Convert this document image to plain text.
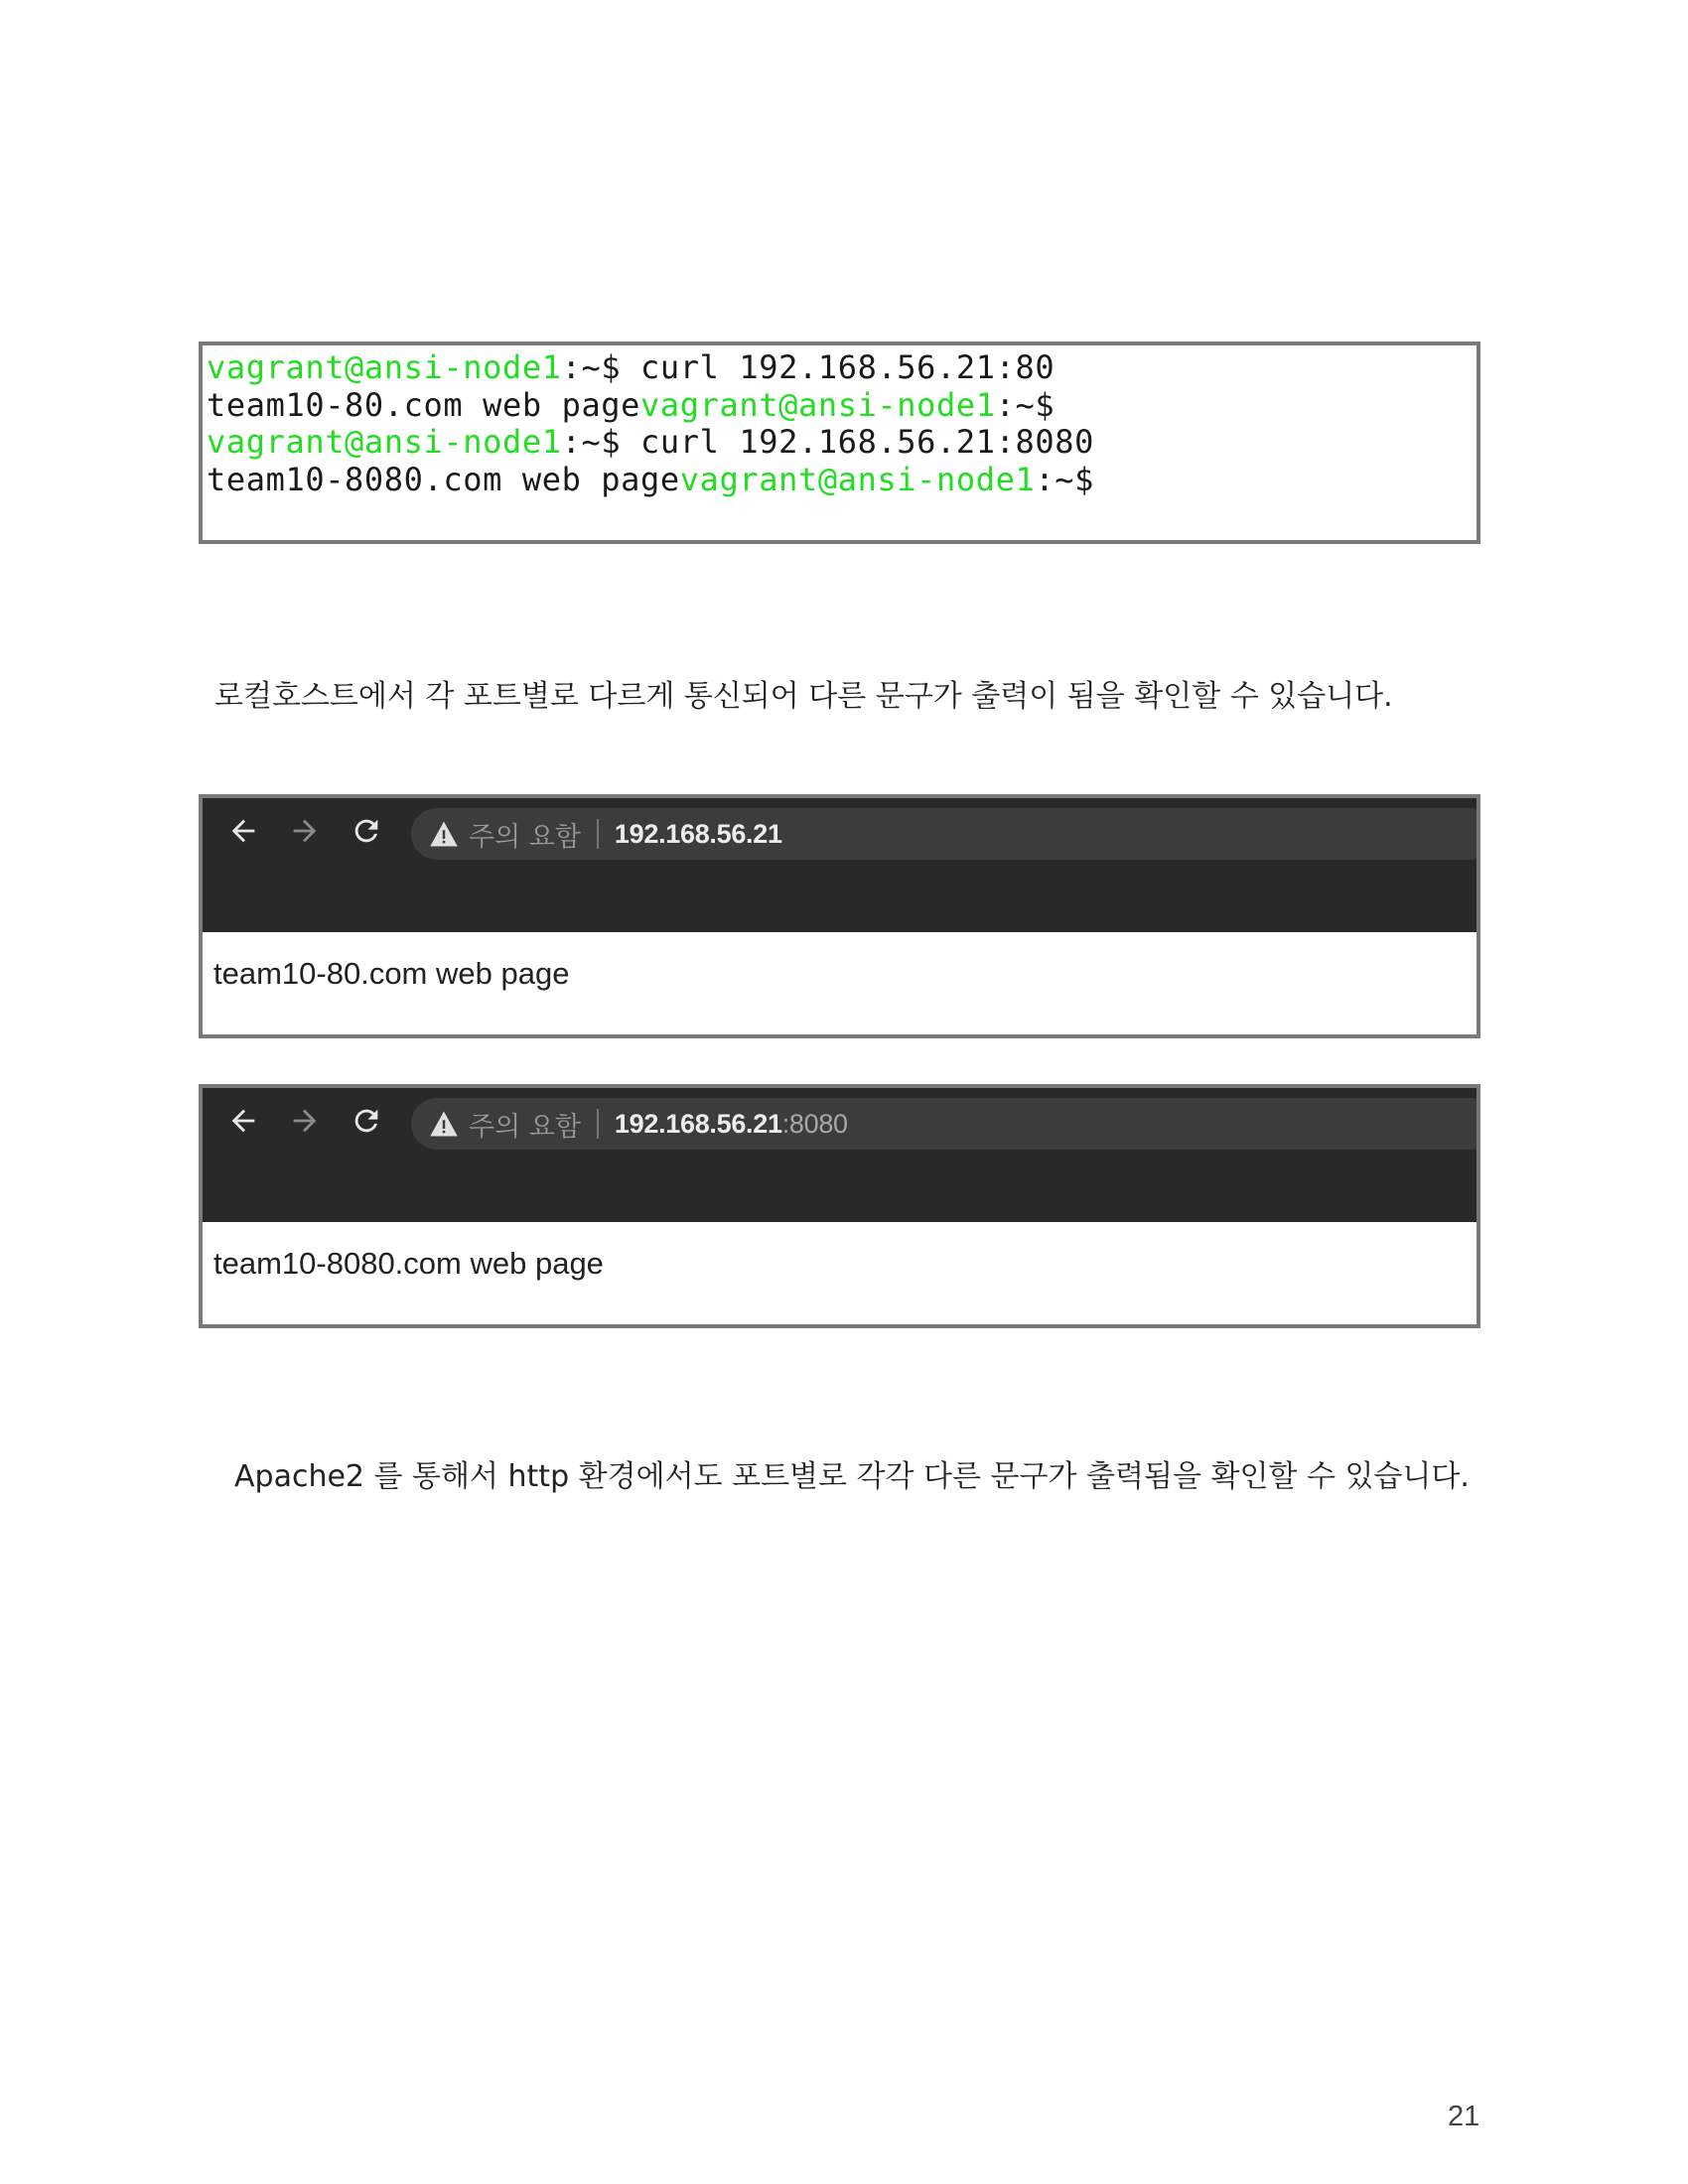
vagrant@ansi-node1:~$ curl 192.168.56.21:80
team10-80.com web pagevagrant@ansi-node1:~$
vagrant@ansi-node1:~$ curl 192.168.56.21:8080
team10-8080.com web pagevagrant@ansi-node1:~$
로컬호스트에서 각 포트별로 다르게 통신되어 다른 문구가 출력이 됨을 확인할 수 있습니다.
주의 요함 192.168.56.21
team10-80.com web page
주의 요함 192.168.56.21 :8080
team10-8080.com web page
Apache2 를 통해서 http 환경에서도 포트별로 각각 다른 문구가 출력됨을 확인할 수 있습니다.
21
